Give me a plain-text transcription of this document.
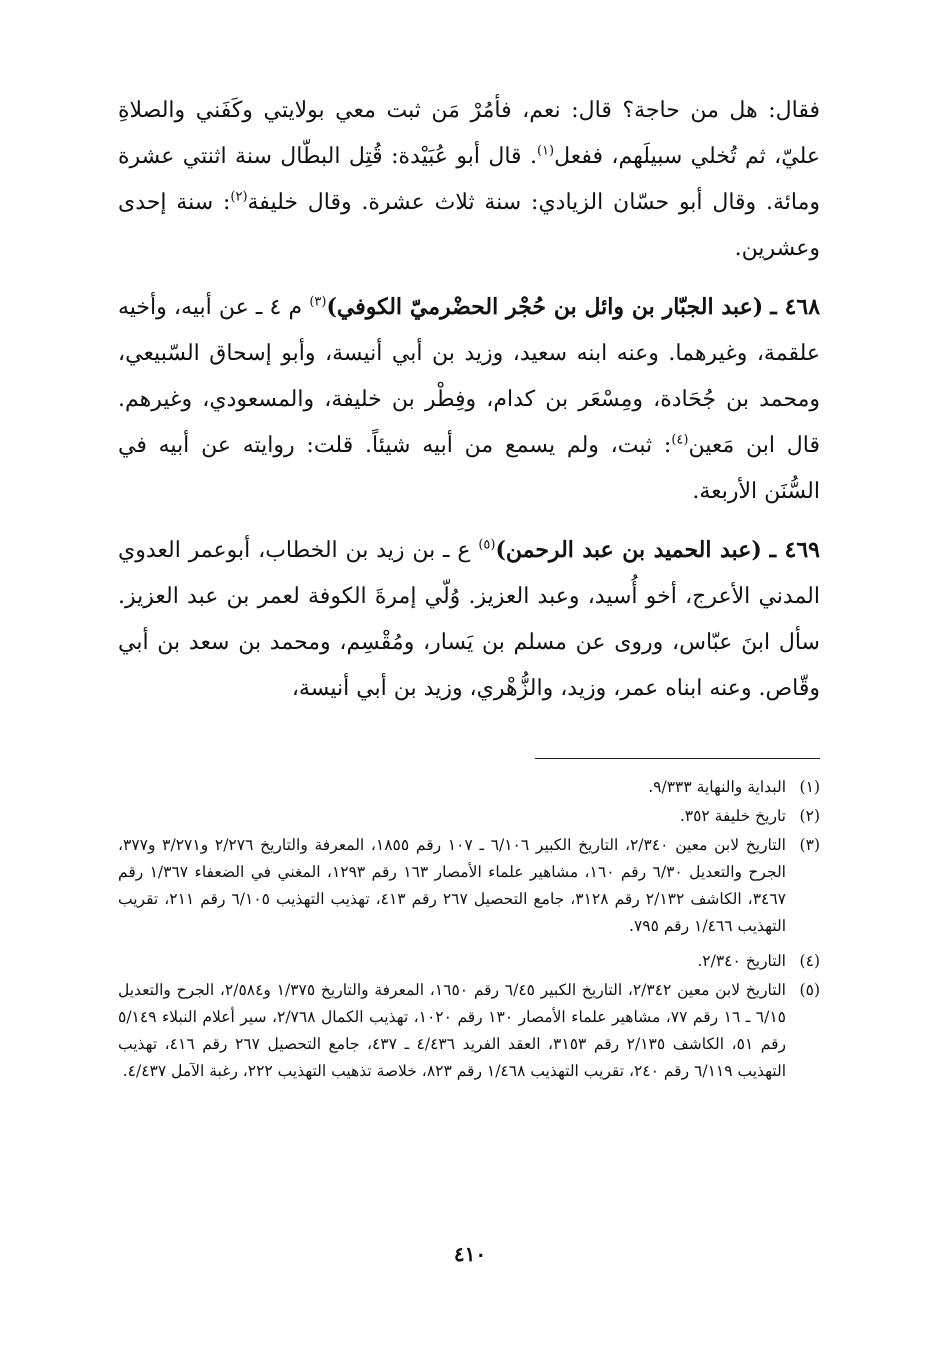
فقال: هل من حاجة؟ قال: نعم، فأمُرْ مَن ثبت معي بولايتي وكَفَني والصلاةِ عليّ، ثم تُخلي سبيلَهم، ففعل$^{(١)}$. قال أبو عُبَيْدة: قُتِل البطّال سنة اثنتي عشرة ومائة. وقال أبو حسّان الزيادي: سنة ثلاث عشرة. وقال خليفة$^{(٢)}$: سنة إحدى وعشرين.

٤٦٨ ـ (عبد الجبّار بن وائل بن حُجْر الحضْرميّ الكوفي)$^{(٣)}$ م ٤ ـ عن أبيه، وأخيه علقمة، وغيرهما. وعنه ابنه سعيد، وزيد بن أبي أنيسة، وأبو إسحاق السّبيعي، ومحمد بن جُحَادة، ومِسْعَر بن كدام، وفِطْر بن خليفة، والمسعودي، وغيرهم. قال ابن مَعين$^{(٤)}$: ثبت، ولم يسمع من أبيه شيئاً. قلت: روايته عن أبيه في السُّنَن الأربعة.

٤٦٩ ـ (عبد الحميد بن عبد الرحمن)$^{(٥)}$ ع ـ بن زيد بن الخطاب، أبوعمر العدوي المدني الأعرج، أخو أُسيد، وعبد العزيز. وُلّي إمرةَ الكوفة لعمر بن عبد العزيز. سأل ابنَ عبّاس، وروى عن مسلم بن يَسار، ومُقْسِم، ومحمد بن سعد بن أبي وقّاص. وعنه ابناه عمر، وزيد، والزُّهْري، وزيد بن أبي أنيسة،

(١)
البداية والنهاية ٩/٣٣٣.
(٢)
تاريخ خليفة ٣٥٢.
(٣)
التاريخ لابن معين ٢/٣٤٠، التاريخ الكبير ٦/١٠٦ ـ ١٠٧ رقم ١٨٥٥، المعرفة والتاريخ ٢/٢٧٦ و٣/٢٧١ و٣٧٧، الجرح والتعديل ٦/٣٠ رقم ١٦٠، مشاهير علماء الأمصار ١٦٣ رقم ١٢٩٣، المغني في الضعفاء ١/٣٦٧ رقم ٣٤٦٧، الكاشف ٢/١٣٢ رقم ٣١٢٨، جامع التحصيل ٢٦٧ رقم ٤١٣، تهذيب التهذيب ٦/١٠٥ رقم ٢١١، تقريب التهذيب ١/٤٦٦ رقم ٧٩٥.
(٤)
التاريخ ٢/٣٤٠.
(٥)
التاريخ لابن معين ٢/٣٤٢، التاريخ الكبير ٦/٤٥ رقم ١٦٥٠، المعرفة والتاريخ ١/٣٧٥ و٢/٥٨٤، الجرح والتعديل ٦/١٥ ـ ١٦ رقم ٧٧، مشاهير علماء الأمصار ١٣٠ رقم ١٠٢٠، تهذيب الكمال ٢/٧٦٨، سير أعلام النبلاء ٥/١٤٩ رقم ٥١، الكاشف ٢/١٣٥ رقم ٣١٥٣، العقد الفريد ٤/٤٣٦ ـ ٤٣٧، جامع التحصيل ٢٦٧ رقم ٤١٦، تهذيب التهذيب ٦/١١٩ رقم ٢٤٠، تقريب التهذيب ١/٤٦٨ رقم ٨٢٣، خلاصة تذهيب التهذيب ٢٢٢، رغبة الآمل ٤/٤٣٧.
٤١٠
